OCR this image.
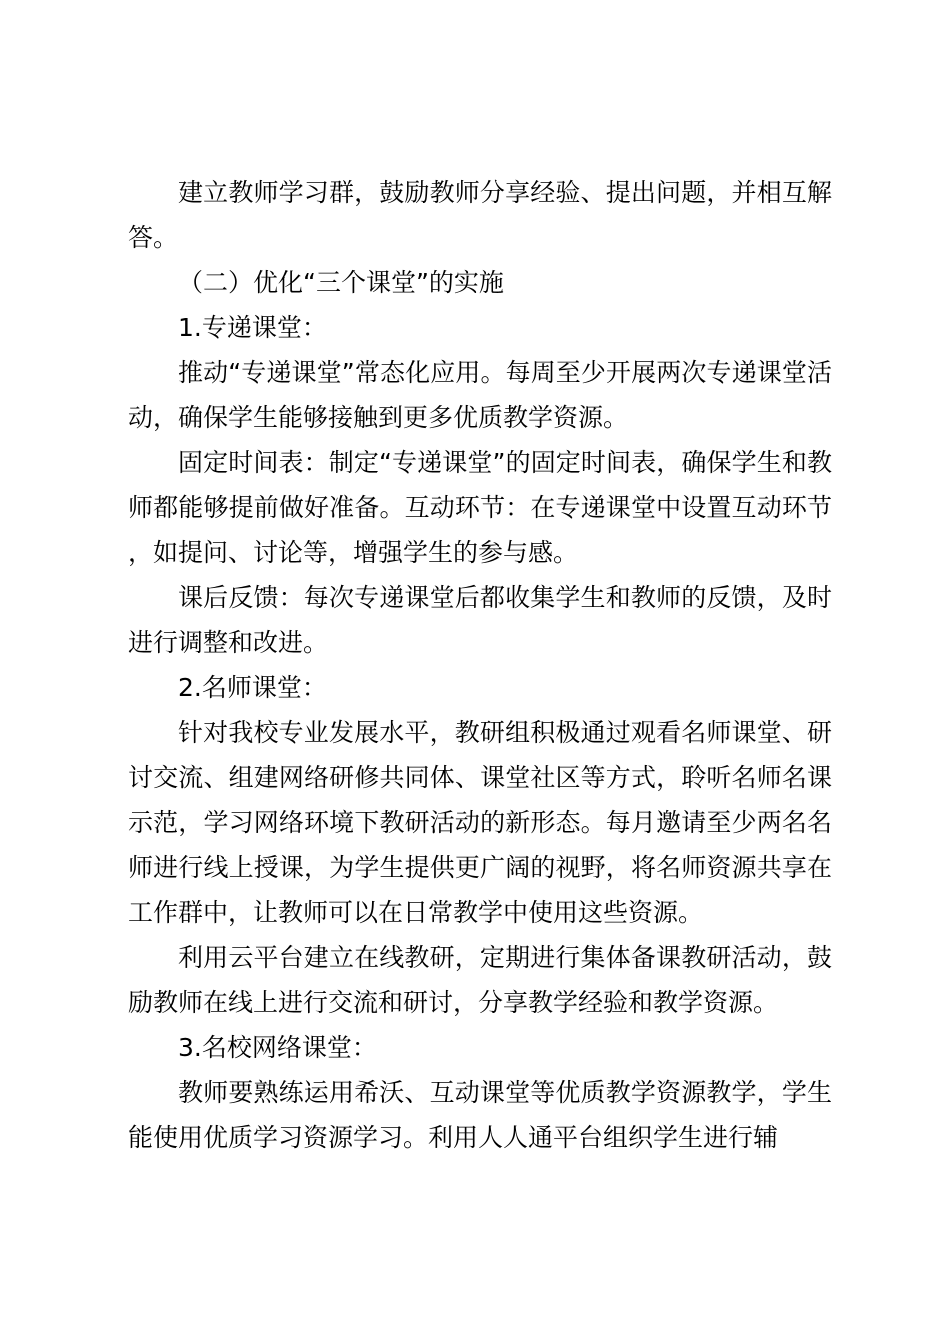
建立教师学习群，鼓励教师分享经验、提出问题，并相互解答。

（二）优化“三个课堂”的实施

1.专递课堂：

推动“专递课堂”常态化应用。每周至少开展两次专递课堂活动，确保学生能够接触到更多优质教学资源。

固定时间表：制定“专递课堂”的固定时间表，确保学生和教师都能够提前做好准备。互动环节：在专递课堂中设置互动环节，如提问、讨论等，增强学生的参与感。

课后反馈：每次专递课堂后都收集学生和教师的反馈，及时进行调整和改进。

2.名师课堂：

针对我校专业发展水平，教研组积极通过观看名师课堂、研讨交流、组建网络研修共同体、课堂社区等方式，聆听名师名课示范，学习网络环境下教研活动的新形态。每月邀请至少两名名师进行线上授课，为学生提供更广阔的视野，将名师资源共享在工作群中，让教师可以在日常教学中使用这些资源。

利用云平台建立在线教研，定期进行集体备课教研活动，鼓励教师在线上进行交流和研讨，分享教学经验和教学资源。

3.名校网络课堂：

教师要熟练运用希沃、互动课堂等优质教学资源教学，学生能使用优质学习资源学习。利用人人通平台组织学生进行辅
